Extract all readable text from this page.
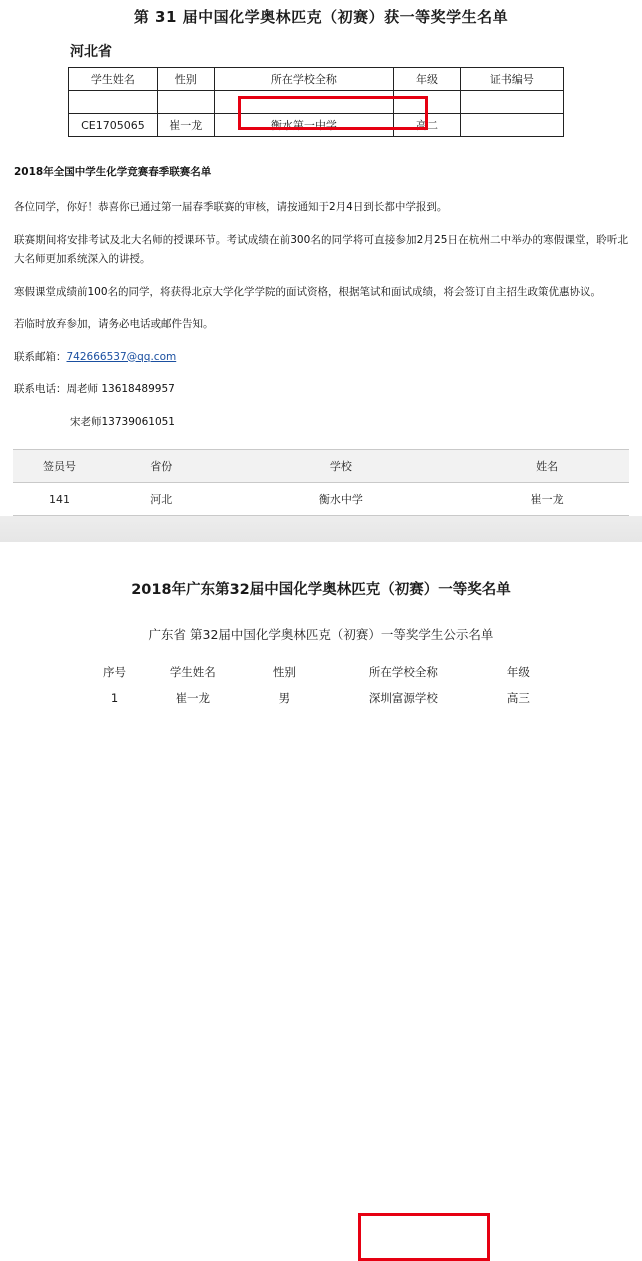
第 31 届中国化学奥林匹克（初赛）获一等奖学生名单
河北省
学生姓名	性别	所在学校全称	年级	证书编号

CE1705065	崔一龙	衡水第一中学	高二	

2018年全国中学生化学竞赛春季联赛名单

各位同学，你好！恭喜你已通过第一届春季联赛的审核，请按通知于2月4日到长都中学报到。

联赛期间将安排考试及北大名师的授课环节。考试成绩在前300名的同学将可直接参加2月25日在杭州二中举办的寒假课堂，聆听北大名师更加系统深入的讲授。

寒假课堂成绩前100名的同学，将获得北京大学化学学院的面试资格，根据笔试和面试成绩，将会签订自主招生政策优惠协议。

若临时放弃参加，请务必电话或邮件告知。

联系邮箱：742666537@qq.com

联系电话：周老师 13618489957

宋老师13739061051

签员号	省份	学校	姓名
141	河北	衡水中学	崔一龙
2018年广东第32届中国化学奥林匹克（初赛）一等奖名单
广东省 第32届中国化学奥林匹克（初赛）一等奖学生公示名单
序号	学生姓名	性别	所在学校全称	年级
1	崔一龙	男	深圳富源学校	高三
